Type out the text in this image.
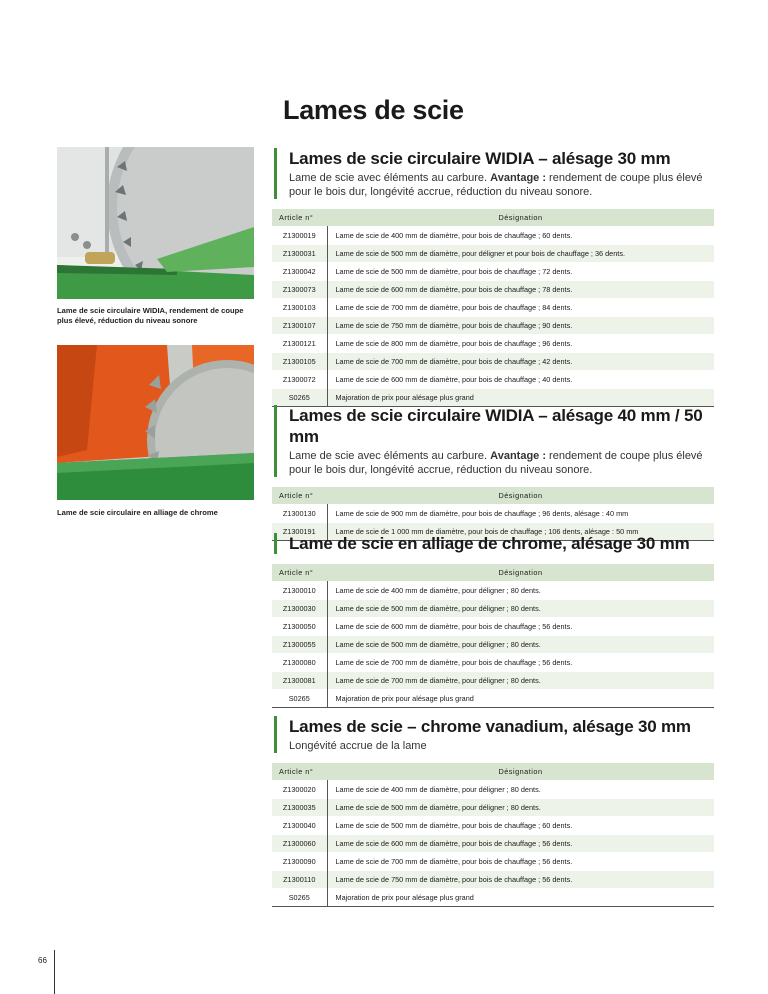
Lames de scie

Lame de scie circulaire WIDIA, rendement de coupe plus élevé, réduction du niveau sonore

Lame de scie circulaire en alliage de chrome

Lames de scie circulaire WIDIA – alésage 30 mm

Lame de scie avec éléments au carbure. Avantage : rendement de coupe plus élevé pour le bois dur, longévité accrue, réduction du niveau sonore.

Article n°	Désignation
Z1300019	Lame de scie de 400 mm de diamètre, pour bois de chauffage ; 60 dents.
Z1300031	Lame de scie de 500 mm de diamètre, pour déligner et pour bois de chauffage ; 36 dents.
Z1300042	Lame de scie de 500 mm de diamètre, pour bois de chauffage ; 72 dents.
Z1300073	Lame de scie de 600 mm de diamètre, pour bois de chauffage ; 78 dents.
Z1300103	Lame de scie de 700 mm de diamètre, pour bois de chauffage ; 84 dents.
Z1300107	Lame de scie de 750 mm de diamètre, pour bois de chauffage ; 90 dents.
Z1300121	Lame de scie de 800 mm de diamètre, pour bois de chauffage ; 96 dents.
Z1300105	Lame de scie de 700 mm de diamètre, pour bois de chauffage ; 42 dents.
Z1300072	Lame de scie de 600 mm de diamètre, pour bois de chauffage ; 40 dents.
S0265	Majoration de prix pour alésage plus grand
Lames de scie circulaire WIDIA – alésage 40 mm / 50 mm

Lame de scie avec éléments au carbure. Avantage : rendement de coupe plus élevé pour le bois dur, longévité accrue, réduction du niveau sonore.

Article n°	Désignation
Z1300130	Lame de scie de 900 mm de diamètre, pour bois de chauffage ; 96 dents, alésage : 40 mm
Z1300191	Lame de scie de 1 000 mm de diamètre, pour bois de chauffage ; 106 dents, alésage : 50 mm
Lame de scie en alliage de chrome, alésage 30 mm
Article n°	Désignation
Z1300010	Lame de scie de 400 mm de diamètre, pour déligner ; 80 dents.
Z1300030	Lame de scie de 500 mm de diamètre, pour déligner ; 80 dents.
Z1300050	Lame de scie de 600 mm de diamètre, pour bois de chauffage ; 56 dents.
Z1300055	Lame de scie de 500 mm de diamètre, pour déligner ; 80 dents.
Z1300080	Lame de scie de 700 mm de diamètre, pour bois de chauffage ; 56 dents.
Z1300081	Lame de scie de 700 mm de diamètre, pour déligner ; 80 dents.
S0265	Majoration de prix pour alésage plus grand
Lames de scie – chrome vanadium, alésage 30 mm

Longévité accrue de la lame

Article n°	Désignation
Z1300020	Lame de scie de 400 mm de diamètre, pour déligner ; 80 dents.
Z1300035	Lame de scie de 500 mm de diamètre, pour déligner ; 80 dents.
Z1300040	Lame de scie de 500 mm de diamètre, pour bois de chauffage ; 60 dents.
Z1300060	Lame de scie de 600 mm de diamètre, pour bois de chauffage ; 56 dents.
Z1300090	Lame de scie de 700 mm de diamètre, pour bois de chauffage ; 56 dents.
Z1300110	Lame de scie de 750 mm de diamètre, pour bois de chauffage ; 56 dents.
S0265	Majoration de prix pour alésage plus grand

66
